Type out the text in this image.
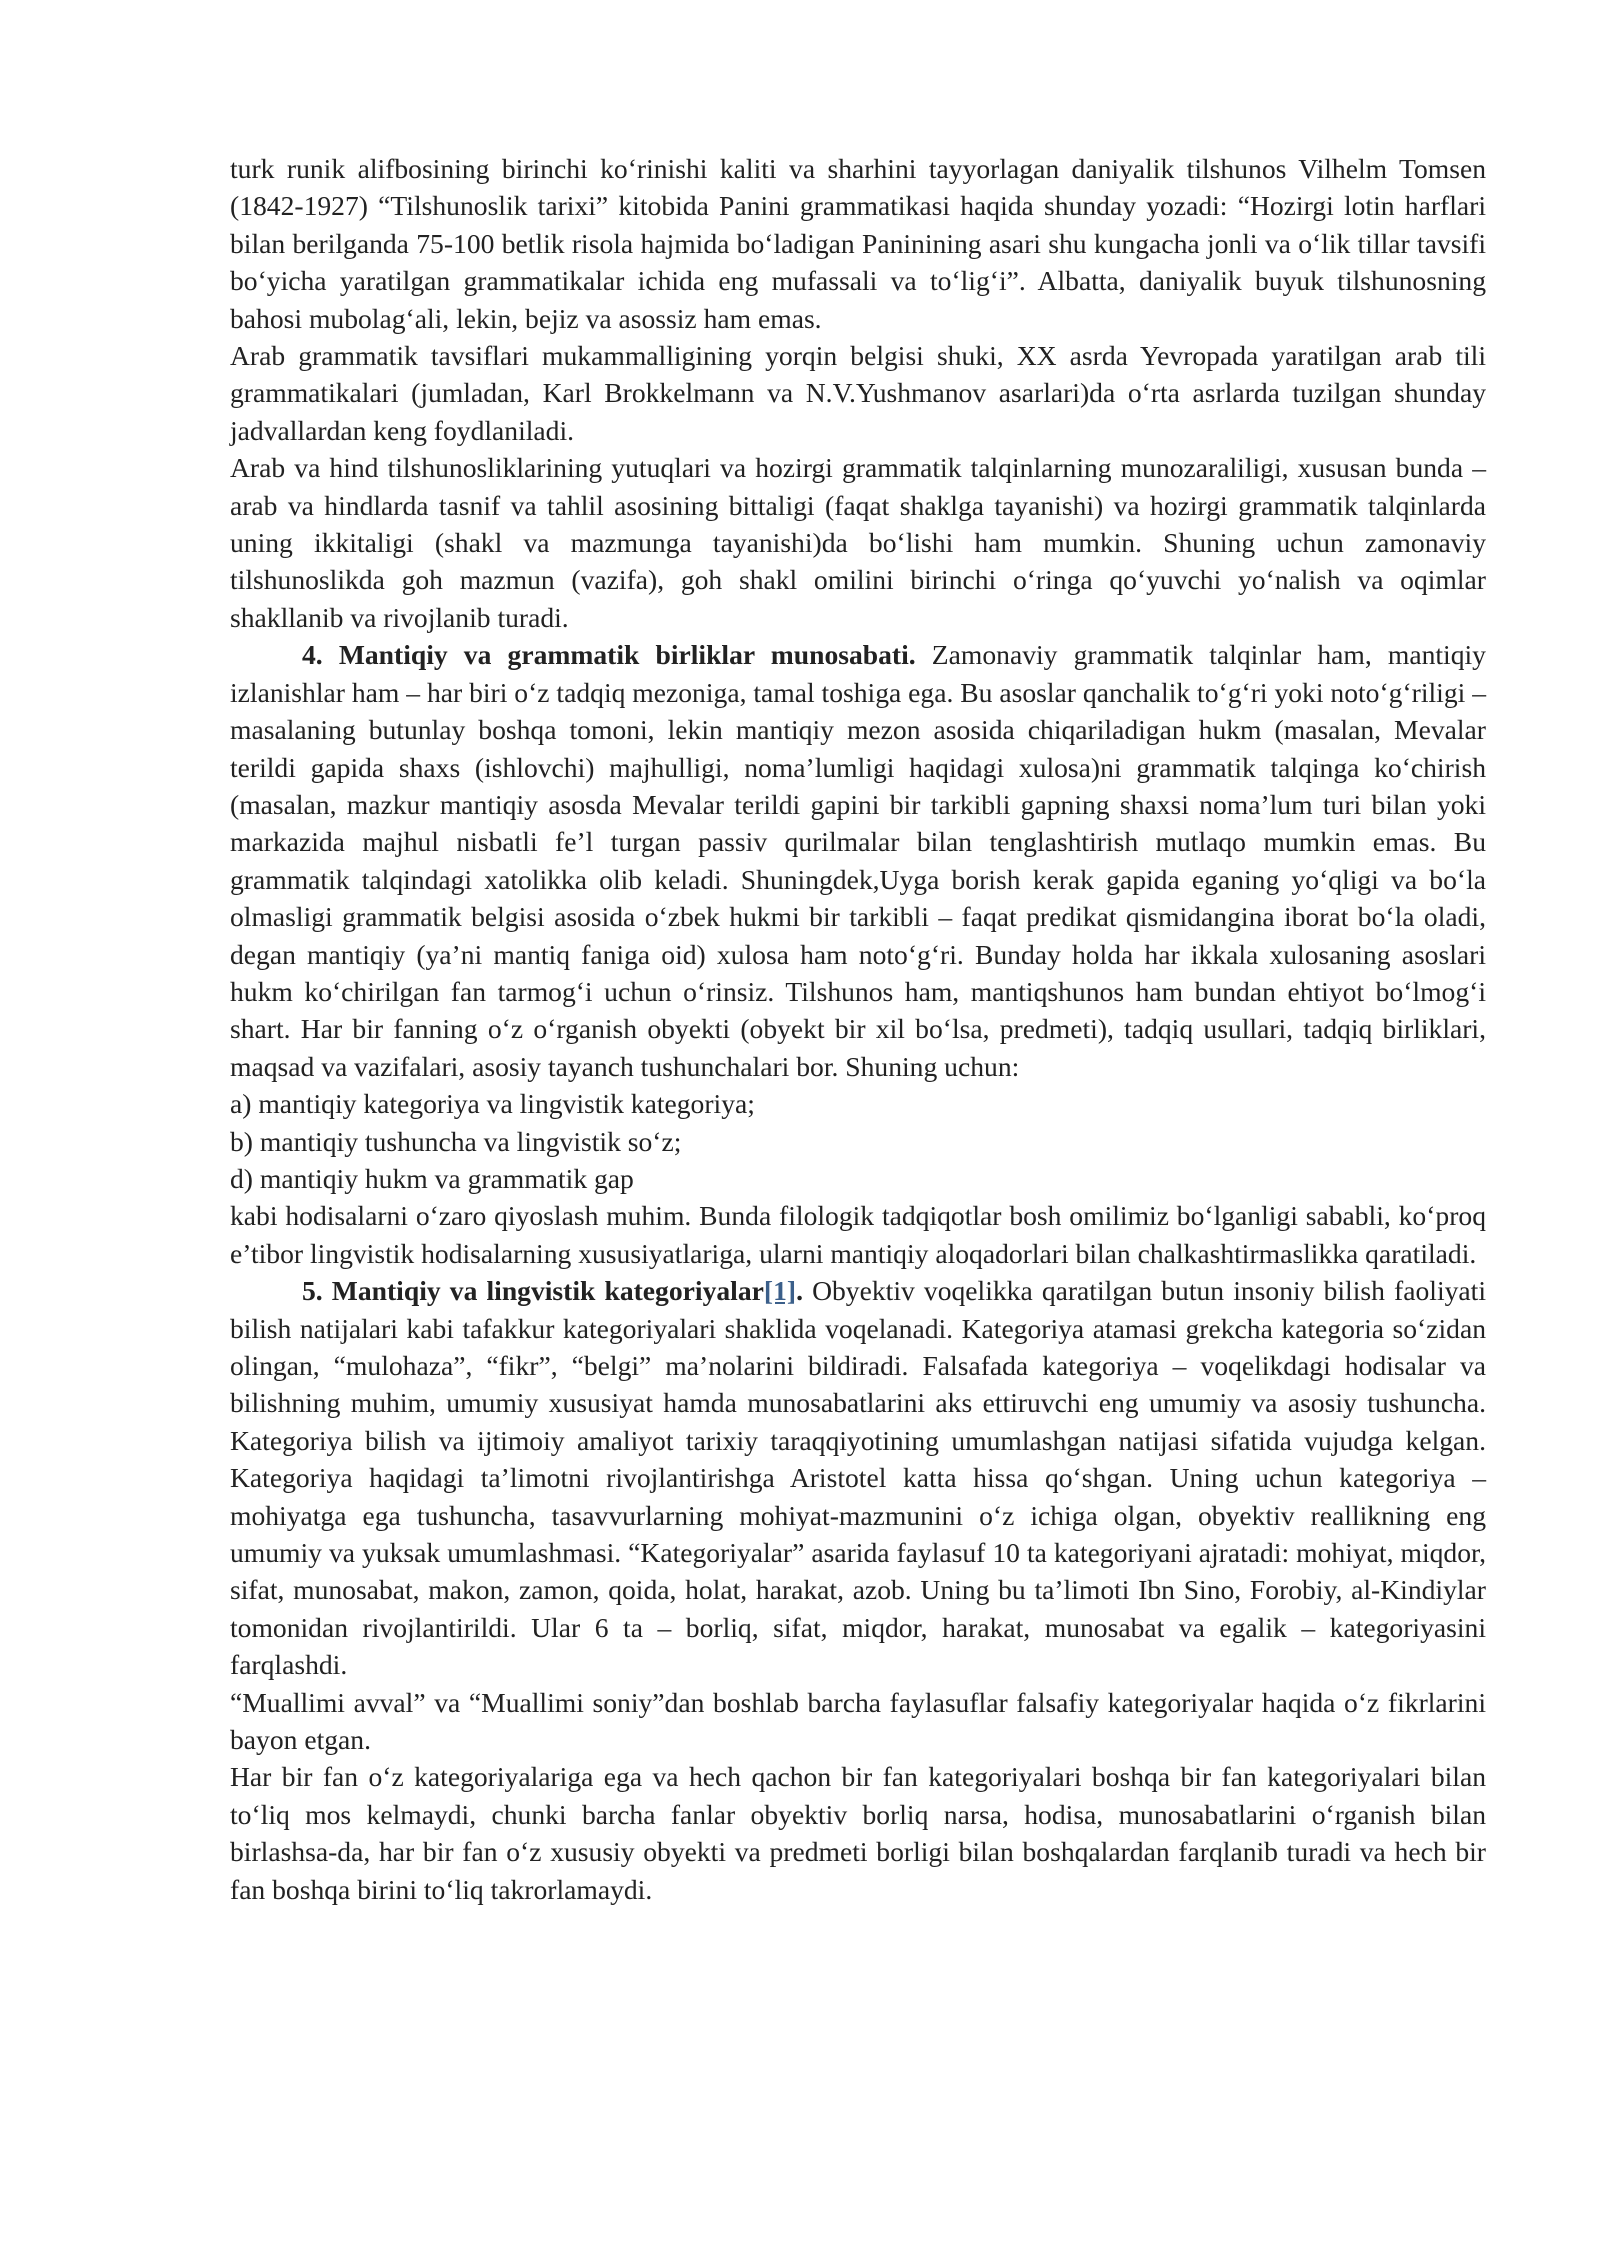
turk runik alifbosining birinchi ko‘rinishi kaliti va sharhini tayyorlagan daniyalik tilshunos Vilhelm Tomsen (1842-1927) “Tilshunoslik tarixi” kitobida Panini grammatikasi haqida shunday yozadi: “Hozirgi lotin harflari bilan berilganda 75-100 betlik risola hajmida bo‘ladigan Paninining asari shu kungacha jonli va o‘lik tillar tavsifi bo‘yicha yaratilgan grammatikalar ichida eng mufassali va to‘lig‘i”. Albatta, daniyalik buyuk tilshunosning bahosi mubolag‘ali, lekin, bejiz va asossiz ham emas.

Arab grammatik tavsiflari mukammalligining yorqin belgisi shuki, XX asrda Yevropada yaratilgan arab tili grammatikalari (jumladan, Karl Brokkelmann va N.V.Yushmanov asarlari)da o‘rta asrlarda tuzilgan shunday jadvallardan keng foydlaniladi.

Arab va hind tilshunosliklarining yutuqlari va hozirgi grammatik talqinlarning munozaraliligi, xususan bunda – arab va hindlarda tasnif va tahlil asosining bittaligi (faqat shaklga tayanishi) va hozirgi grammatik talqinlarda uning ikkitaligi (shakl va mazmunga tayanishi)da bo‘lishi ham mumkin. Shuning uchun zamonaviy tilshunoslikda goh mazmun (vazifa), goh shakl omilini birinchi o‘ringa qo‘yuvchi yo‘nalish va oqimlar shakllanib va rivojlanib turadi.

4. Mantiqiy va grammatik birliklar munosabati. Zamonaviy grammatik talqinlar ham, mantiqiy izlanishlar ham – har biri o‘z tadqiq mezoniga, tamal toshiga ega. Bu asoslar qanchalik to‘g‘ri yoki noto‘g‘riligi – masalaning butunlay boshqa tomoni, lekin mantiqiy mezon asosida chiqariladigan hukm (masalan, Mevalar terildi gapida shaxs (ishlovchi) majhulligi, noma’lumligi haqidagi xulosa)ni grammatik talqinga ko‘chirish (masalan, mazkur mantiqiy asosda Mevalar terildi gapini bir tarkibli gapning shaxsi noma’lum turi bilan yoki markazida majhul nisbatli fe’l turgan passiv qurilmalar bilan tenglashtirish mutlaqo mumkin emas. Bu grammatik talqindagi xatolikka olib keladi. Shuningdek,Uyga borish kerak gapida eganing yo‘qligi va bo‘la olmasligi grammatik belgisi asosida o‘zbek hukmi bir tarkibli – faqat predikat qismidangina iborat bo‘la oladi, degan mantiqiy (ya’ni mantiq faniga oid) xulosa ham noto‘g‘ri. Bunday holda har ikkala xulosaning asoslari hukm ko‘chirilgan fan tarmog‘i uchun o‘rinsiz. Tilshunos ham, mantiqshunos ham bundan ehtiyot bo‘lmog‘i shart. Har bir fanning o‘z o‘rganish obyekti (obyekt bir xil bo‘lsa, predmeti), tadqiq usullari, tadqiq birliklari, maqsad va vazifalari, asosiy tayanch tushunchalari bor. Shuning uchun:

a) mantiqiy kategoriya va lingvistik kategoriya;

b) mantiqiy tushuncha va lingvistik so‘z;

d) mantiqiy hukm va grammatik gap

kabi hodisalarni o‘zaro qiyoslash muhim. Bunda filologik tadqiqotlar bosh omilimiz bo‘lganligi sababli, ko‘proq e’tibor lingvistik hodisalarning xususiyatlariga, ularni mantiqiy aloqadorlari bilan chalkashtirmaslikka qaratiladi.

5. Mantiqiy va lingvistik kategoriyalar[1]. Obyektiv voqelikka qaratilgan butun insoniy bilish faoliyati bilish natijalari kabi tafakkur kategoriyalari shaklida voqelanadi. Kategoriya atamasi grekcha kategoria so‘zidan olingan, “mulohaza”, “fikr”, “belgi” ma’nolarini bildiradi. Falsafada kategoriya – voqelikdagi hodisalar va bilishning muhim, umumiy xususiyat hamda munosabatlarini aks ettiruvchi eng umumiy va asosiy tushuncha. Kategoriya bilish va ijtimoiy amaliyot tarixiy taraqqiyotining umumlashgan natijasi sifatida vujudga kelgan. Kategoriya haqidagi ta’limotni rivojlantirishga Aristotel katta hissa qo‘shgan. Uning uchun kategoriya – mohiyatga ega tushuncha, tasavvurlarning mohiyat-mazmunini o‘z ichiga olgan, obyektiv reallikning eng umumiy va yuksak umumlashmasi. “Kategoriyalar” asarida faylasuf 10 ta kategoriyani ajratadi: mohiyat, miqdor, sifat, munosabat, makon, zamon, qoida, holat, harakat, azob. Uning bu ta’limoti Ibn Sino, Forobiy, al-Kindiylar tomonidan rivojlantirildi. Ular 6 ta – borliq, sifat, miqdor, harakat, munosabat va egalik – kategoriyasini farqlashdi.

“Muallimi avval” va “Muallimi soniy”dan boshlab barcha faylasuflar falsafiy kategoriyalar haqida o‘z fikrlarini bayon etgan.

Har bir fan o‘z kategoriyalariga ega va hech qachon bir fan kategoriyalari boshqa bir fan kategoriyalari bilan to‘liq mos kelmaydi, chunki barcha fanlar obyektiv borliq narsa, hodisa, munosabatlarini o‘rganish bilan birlashsa-da, har bir fan o‘z xususiy obyekti va predmeti borligi bilan boshqalardan farqlanib turadi va hech bir fan boshqa birini to‘liq takrorlamaydi.
